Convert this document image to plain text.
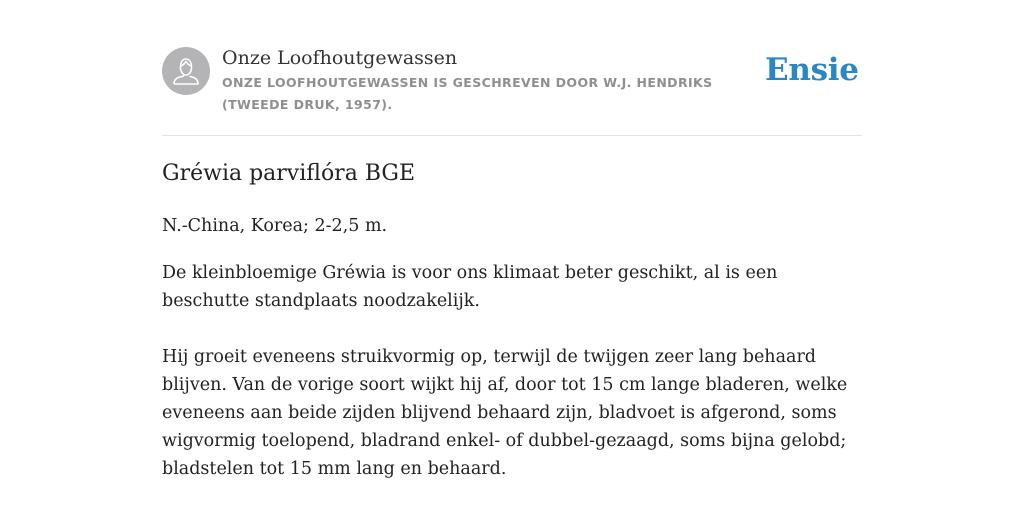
Onze Loofhoutgewassen
ONZE LOOFHOUTGEWASSEN IS GESCHREVEN DOOR W.J. HENDRIKS (TWEEDE DRUK, 1957).
Ensie
Gréwia parviflóra BGE

N.-China, Korea; 2-2,5 m.

De kleinbloemige Gréwia is voor ons klimaat beter geschikt, al is een beschutte standplaats noodzakelijk.

Hij groeit eveneens struikvormig op, terwijl de twijgen zeer lang behaard blijven. Van de vorige soort wijkt hij af, door tot 15 cm lange bladeren, welke eveneens aan beide zijden blijvend behaard zijn, bladvoet is afgerond, soms wigvormig toelopend, bladrand enkel- of dubbel-gezaagd, soms bijna gelobd; bladstelen tot 15 mm lang en behaard.
